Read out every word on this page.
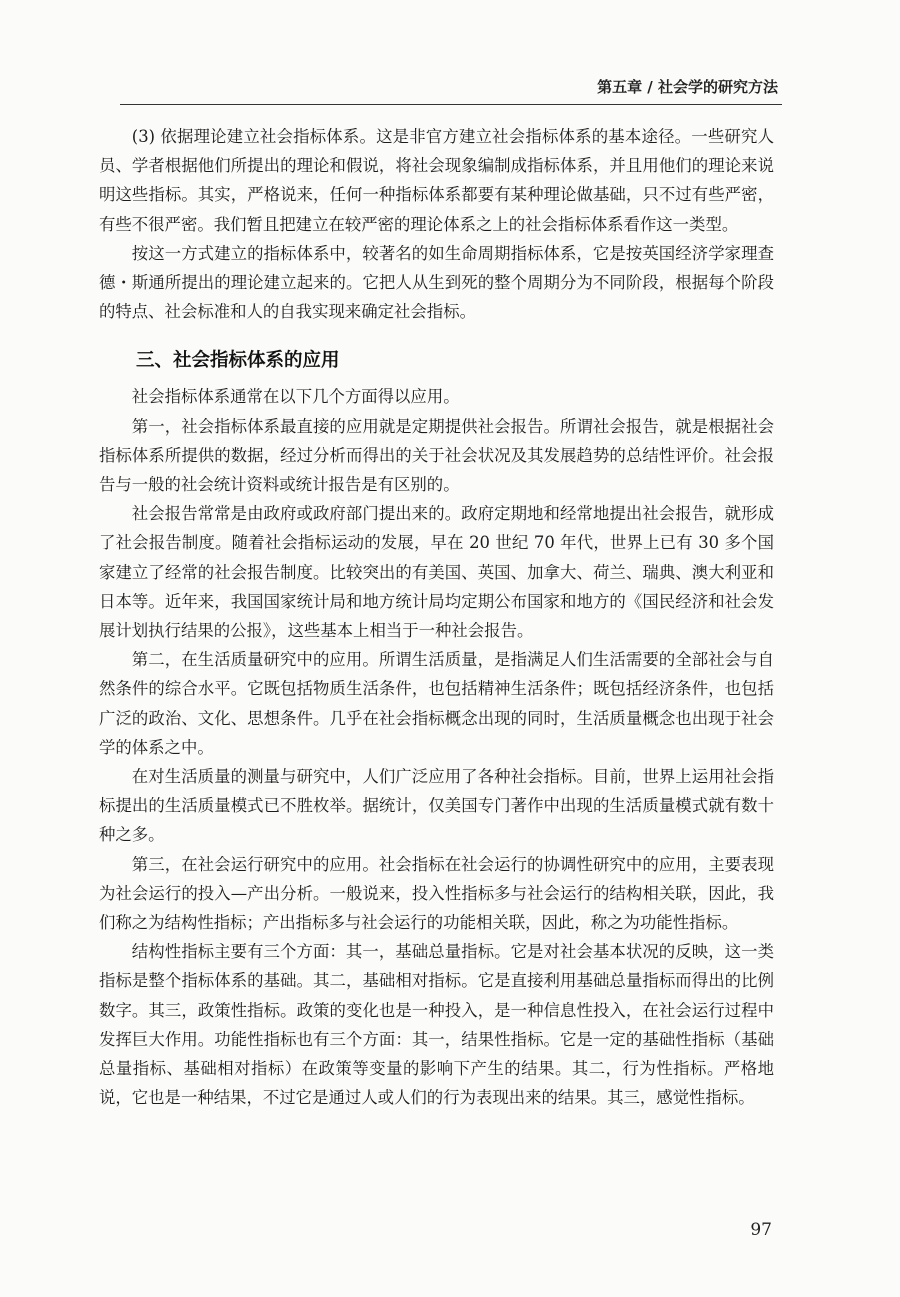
第五章 / 社会学的研究方法

(3) 依据理论建立社会指标体系。这是非官方建立社会指标体系的基本途径。一些研究人员、学者根据他们所提出的理论和假说，将社会现象编制成指标体系，并且用他们的理论来说明这些指标。其实，严格说来，任何一种指标体系都要有某种理论做基础，只不过有些严密，有些不很严密。我们暂且把建立在较严密的理论体系之上的社会指标体系看作这一类型。

按这一方式建立的指标体系中，较著名的如生命周期指标体系，它是按英国经济学家理查德・斯通所提出的理论建立起来的。它把人从生到死的整个周期分为不同阶段，根据每个阶段的特点、社会标准和人的自我实现来确定社会指标。

三、社会指标体系的应用

社会指标体系通常在以下几个方面得以应用。

第一，社会指标体系最直接的应用就是定期提供社会报告。所谓社会报告，就是根据社会指标体系所提供的数据，经过分析而得出的关于社会状况及其发展趋势的总结性评价。社会报告与一般的社会统计资料或统计报告是有区别的。

社会报告常常是由政府或政府部门提出来的。政府定期地和经常地提出社会报告，就形成了社会报告制度。随着社会指标运动的发展，早在 20 世纪 70 年代，世界上已有 30 多个国家建立了经常的社会报告制度。比较突出的有美国、英国、加拿大、荷兰、瑞典、澳大利亚和日本等。近年来，我国国家统计局和地方统计局均定期公布国家和地方的《国民经济和社会发展计划执行结果的公报》，这些基本上相当于一种社会报告。

第二，在生活质量研究中的应用。所谓生活质量，是指满足人们生活需要的全部社会与自然条件的综合水平。它既包括物质生活条件，也包括精神生活条件；既包括经济条件，也包括广泛的政治、文化、思想条件。几乎在社会指标概念出现的同时，生活质量概念也出现于社会学的体系之中。

在对生活质量的测量与研究中，人们广泛应用了各种社会指标。目前，世界上运用社会指标提出的生活质量模式已不胜枚举。据统计，仅美国专门著作中出现的生活质量模式就有数十种之多。

第三，在社会运行研究中的应用。社会指标在社会运行的协调性研究中的应用，主要表现为社会运行的投入—产出分析。一般说来，投入性指标多与社会运行的结构相关联，因此，我们称之为结构性指标；产出指标多与社会运行的功能相关联，因此，称之为功能性指标。

结构性指标主要有三个方面：其一，基础总量指标。它是对社会基本状况的反映，这一类指标是整个指标体系的基础。其二，基础相对指标。它是直接利用基础总量指标而得出的比例数字。其三，政策性指标。政策的变化也是一种投入，是一种信息性投入，在社会运行过程中发挥巨大作用。功能性指标也有三个方面：其一，结果性指标。它是一定的基础性指标（基础总量指标、基础相对指标）在政策等变量的影响下产生的结果。其二，行为性指标。严格地说，它也是一种结果，不过它是通过人或人们的行为表现出来的结果。其三，感觉性指标。

97
